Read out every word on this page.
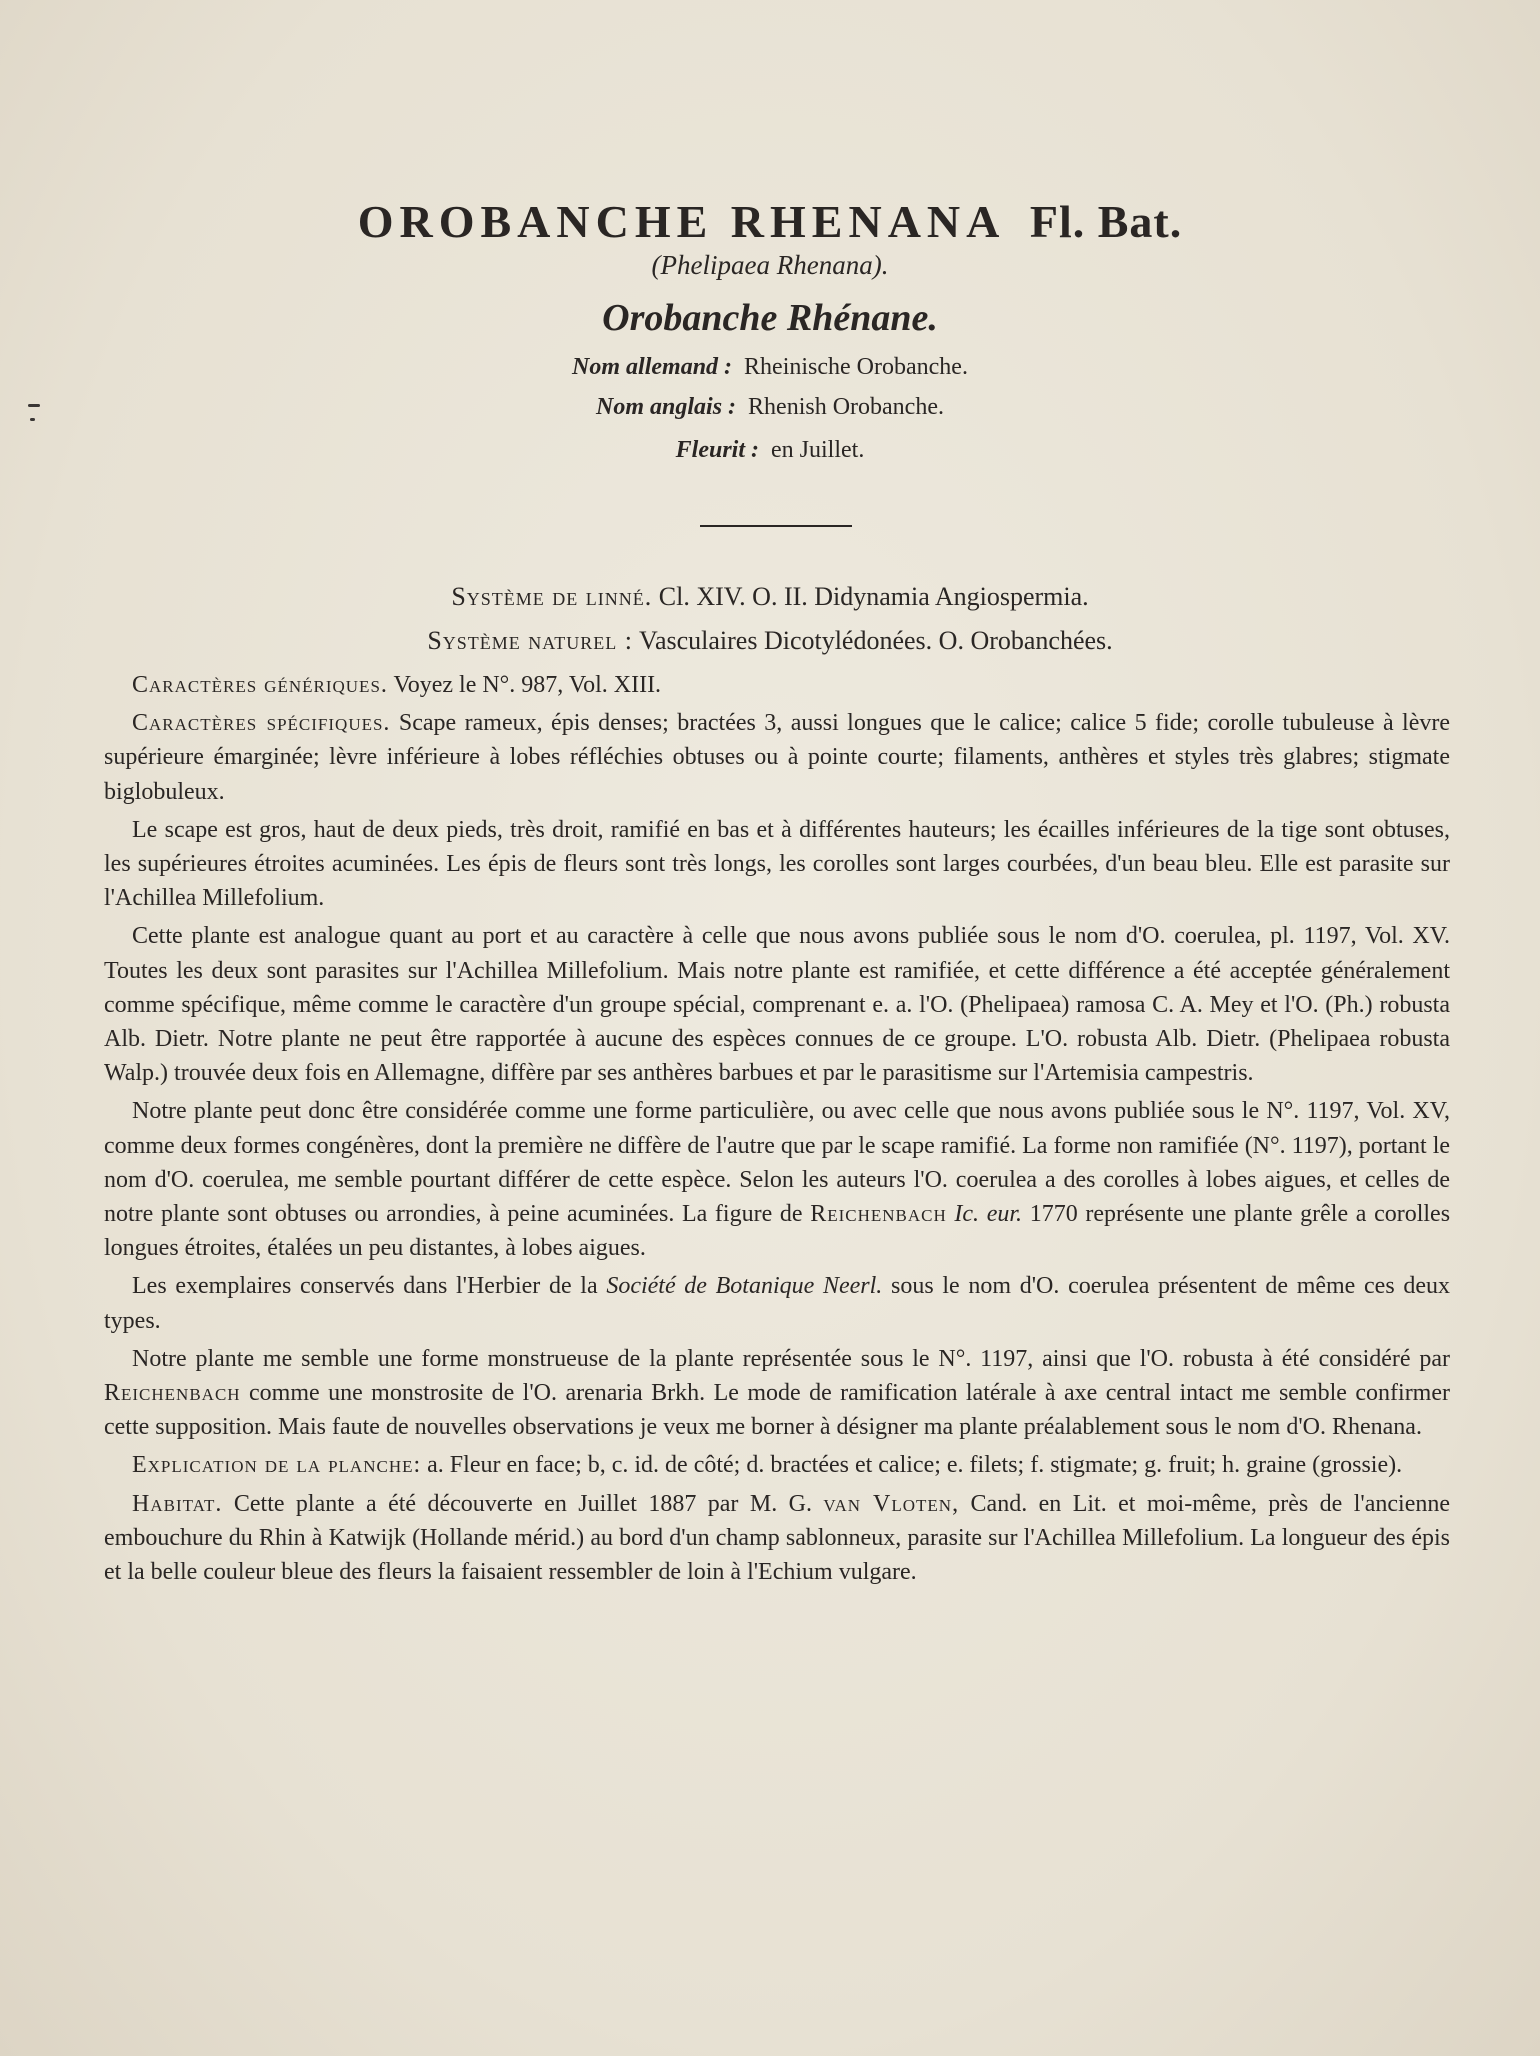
OROBANCHE RHENANA Fl. Bat.
(Phelipaea Rhenana).
Orobanche Rhénane.
Nom allemand : Rheinische Orobanche.
Nom anglais : Rhenish Orobanche.
Fleurit : en Juillet.
Système de linné. Cl. XIV. O. II. Didynamia Angiospermia.
Système naturel : Vasculaires Dicotylédonées. O. Orobanchées.

Caractères génériques. Voyez le N°. 987, Vol. XIII.

Caractères spécifiques. Scape rameux, épis denses; bractées 3, aussi longues que le calice; calice 5 fide; corolle tubuleuse à lèvre supérieure émarginée; lèvre inférieure à lobes réfléchies obtuses ou à pointe courte; filaments, anthères et styles très glabres; stigmate biglobuleux.

Le scape est gros, haut de deux pieds, très droit, ramifié en bas et à différentes hauteurs; les écailles inférieures de la tige sont obtuses, les supérieures étroites acuminées. Les épis de fleurs sont très longs, les corolles sont larges courbées, d'un beau bleu. Elle est parasite sur l'Achillea Millefolium.

Cette plante est analogue quant au port et au caractère à celle que nous avons publiée sous le nom d'O. coerulea, pl. 1197, Vol. XV. Toutes les deux sont parasites sur l'Achillea Millefolium. Mais notre plante est ramifiée, et cette différence a été acceptée généralement comme spécifique, même comme le caractère d'un groupe spécial, comprenant e. a. l'O. (Phelipaea) ramosa C. A. Mey et l'O. (Ph.) robusta Alb. Dietr. Notre plante ne peut être rapportée à aucune des espèces connues de ce groupe. L'O. robusta Alb. Dietr. (Phelipaea robusta Walp.) trouvée deux fois en Allemagne, diffère par ses anthères barbues et par le parasitisme sur l'Artemisia campestris.

Notre plante peut donc être considérée comme une forme particulière, ou avec celle que nous avons publiée sous le N°. 1197, Vol. XV, comme deux formes congénères, dont la première ne diffère de l'autre que par le scape ramifié. La forme non ramifiée (N°. 1197), portant le nom d'O. coerulea, me semble pourtant différer de cette espèce. Selon les auteurs l'O. coerulea a des corolles à lobes aigues, et celles de notre plante sont obtuses ou arrondies, à peine acuminées. La figure de Reichenbach Ic. eur. 1770 représente une plante grêle a corolles longues étroites, étalées un peu distantes, à lobes aigues.

Les exemplaires conservés dans l'Herbier de la Société de Botanique Neerl. sous le nom d'O. coerulea présentent de même ces deux types.

Notre plante me semble une forme monstrueuse de la plante représentée sous le N°. 1197, ainsi que l'O. robusta à été considéré par Reichenbach comme une monstrosite de l'O. arenaria Brkh. Le mode de ramification latérale à axe central intact me semble confirmer cette supposition. Mais faute de nouvelles observations je veux me borner à désigner ma plante préalablement sous le nom d'O. Rhenana.

Explication de la planche: a. Fleur en face; b, c. id. de côté; d. bractées et calice; e. filets; f. stigmate; g. fruit; h. graine (grossie).

Habitat. Cette plante a été découverte en Juillet 1887 par M. G. van Vloten, Cand. en Lit. et moi-même, près de l'ancienne embouchure du Rhin à Katwijk (Hollande mérid.) au bord d'un champ sablonneux, parasite sur l'Achillea Millefolium. La longueur des épis et la belle couleur bleue des fleurs la faisaient ressembler de loin à l'Echium vulgare.
